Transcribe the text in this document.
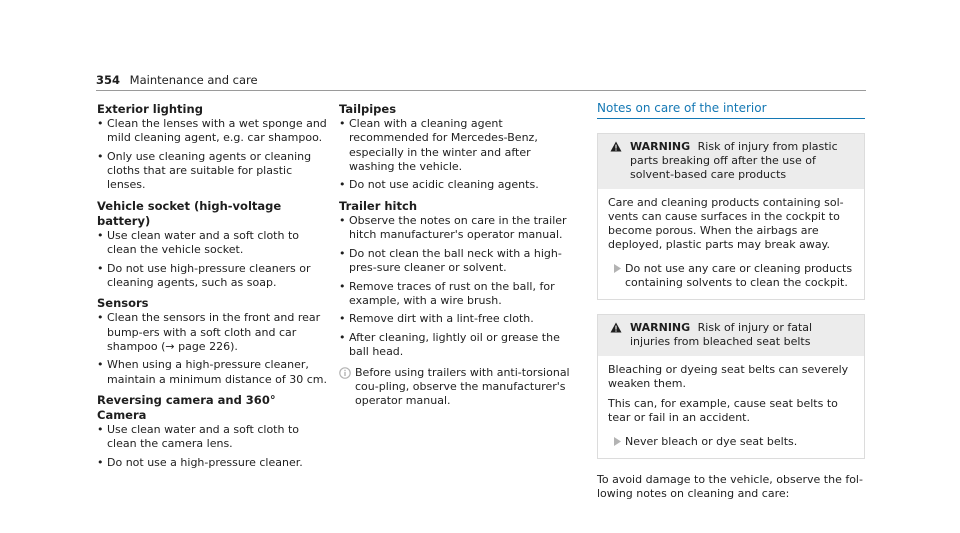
354 Maintenance and care
Exterior lighting
• Clean the lenses with a wet sponge and mild cleaning agent, e.g. car shampoo.
• Only use cleaning agents or cleaning cloths that are suitable for plastic lenses.
Vehicle socket (high-voltage battery)
• Use clean water and a soft cloth to clean the vehicle socket.
• Do not use high-pressure cleaners or cleaning agents, such as soap.
Sensors
• Clean the sensors in the front and rear bump-ers with a soft cloth and car shampoo (→ page 226).
• When using a high-pressure cleaner, maintain a minimum distance of 30 cm.
Reversing camera and 360° Camera
• Use clean water and a soft cloth to clean the camera lens.
• Do not use a high-pressure cleaner.
Tailpipes
• Clean with a cleaning agent recommended for Mercedes-Benz, especially in the winter and after washing the vehicle.
• Do not use acidic cleaning agents.
Trailer hitch
• Observe the notes on care in the trailer hitch manufacturer's operator manual.
• Do not clean the ball neck with a high-pres-sure cleaner or solvent.
• Remove traces of rust on the ball, for example, with a wire brush.
• Remove dirt with a lint-free cloth.
• After cleaning, lightly oil or grease the ball head.
Before using trailers with anti-torsional cou-pling, observe the manufacturer's operator manual.
Notes on care of the interior
WARNING Risk of injury from plastic parts breaking off after the use of solvent-based care products

Care and cleaning products containing sol-vents can cause surfaces in the cockpit to become porous. When the airbags are deployed, plastic parts may break away.

Do not use any care or cleaning products containing solvents to clean the cockpit.
WARNING Risk of injury or fatal injuries from bleached seat belts

Bleaching or dyeing seat belts can severely weaken them.

This can, for example, cause seat belts to tear or fail in an accident.

Never bleach or dye seat belts.

To avoid damage to the vehicle, observe the fol-lowing notes on cleaning and care:
